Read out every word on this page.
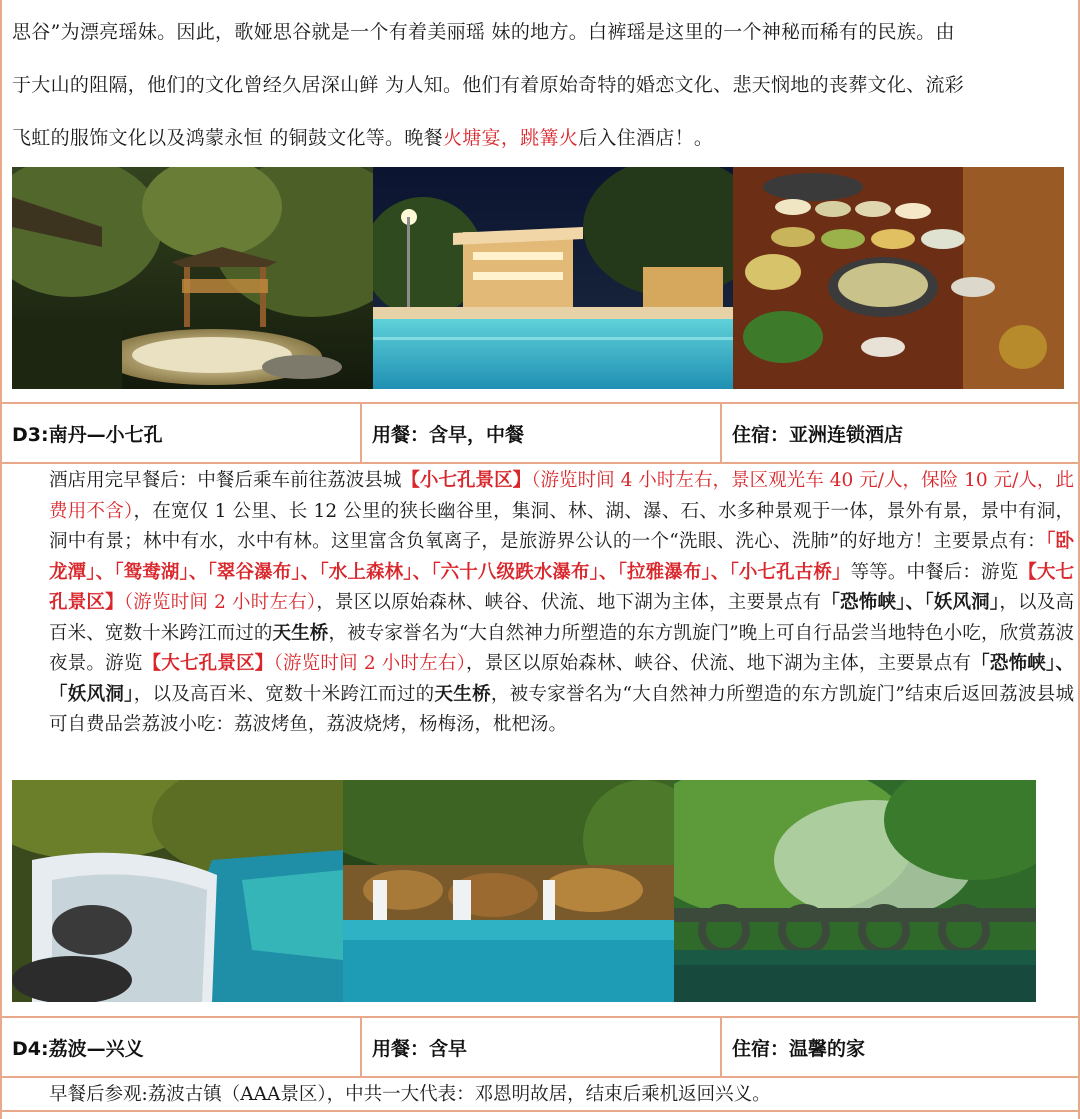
思谷”为漂亮瑶妹。因此，歌娅思谷就是一个有着美丽瑶 妹的地方。白裤瑶是这里的一个神秘而稀有的民族。由
于大山的阻隔，他们的文化曾经久居深山鲜 为人知。他们有着原始奇特的婚恋文化、悲天悯地的丧葬文化、流彩
飞虹的服饰文化以及鸿蒙永恒 的铜鼓文化等。晚餐火塘宴，跳篝火后入住酒店！。
D3:南丹—小七孔	用餐：含早，中餐	住宿：亚洲连锁酒店
酒店用完早餐后：中餐后乘车前往荔波县城【小七孔景区】（游览时间 4 小时左右，景区观光车 40 元/人，保险 10 元/人，此费用不含），在宽仅 1 公里、长 12 公里的狭长幽谷里，集洞、林、湖、瀑、石、水多种景观于一体，景外有景，景中有洞，洞中有景；林中有水，水中有林。这里富含负氧离子，是旅游界公认的一个“洗眼、洗心、洗肺”的好地方！主要景点有：「卧龙潭」、「鸳鸯湖」、「翠谷瀑布」、「水上森林」、「六十八级跌水瀑布」、「拉雅瀑布」、「小七孔古桥」等等。中餐后：游览【大七孔景区】（游览时间 2 小时左右），景区以原始森林、峡谷、伏流、地下湖为主体，主要景点有「恐怖峡」、「妖风洞」，以及高百米、宽数十米跨江而过的天生桥，被专家誉名为“大自然神力所塑造的东方凯旋门”晚上可自行品尝当地特色小吃，欣赏荔波夜景。游览【大七孔景区】（游览时间 2 小时左右），景区以原始森林、峡谷、伏流、地下湖为主体，主要景点有「恐怖峡」、「妖风洞」，以及高百米、宽数十米跨江而过的天生桥，被专家誉名为“大自然神力所塑造的东方凯旋门”结束后返回荔波县城可自费品尝荔波小吃：荔波烤鱼，荔波烧烤，杨梅汤，枇杷汤。
D4:荔波—兴义	用餐：含早	住宿：温馨的家
早餐后参观:荔波古镇（AAA景区），中共一大代表：邓恩明故居，结束后乘机返回兴义。
